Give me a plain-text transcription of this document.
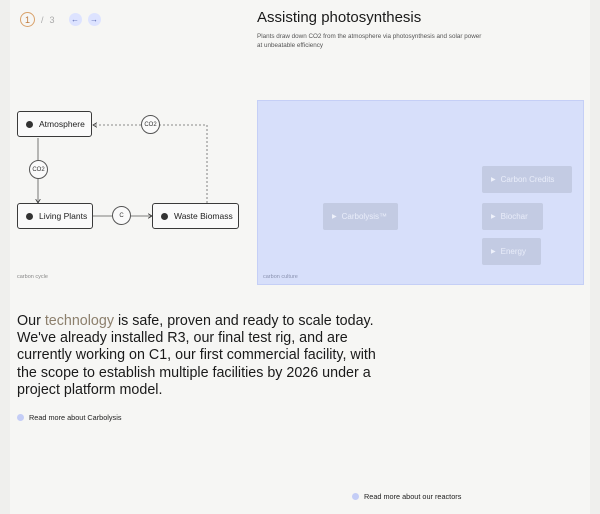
1	/ 3	←	→	Assisting photosynthesis

Plants draw down CO2 from the atmosphere via photosynthesis and solar power at unbeatable efficiency

Atmosphere
Living Plants	Waste Biomass
CO2
CO2
C
carbon cycle
▶ Carbolysis™
▶ Carbon Credits
▶ Biochar
▶ Energy
carbon culture

Our technology is safe, proven and ready to scale today. We've already installed R3, our final test rig, and are currently working on C1, our first commercial facility, with the scope to establish multiple facilities by 2026 under a project platform model.

Read more about Carbolysis
Read more about our reactors
